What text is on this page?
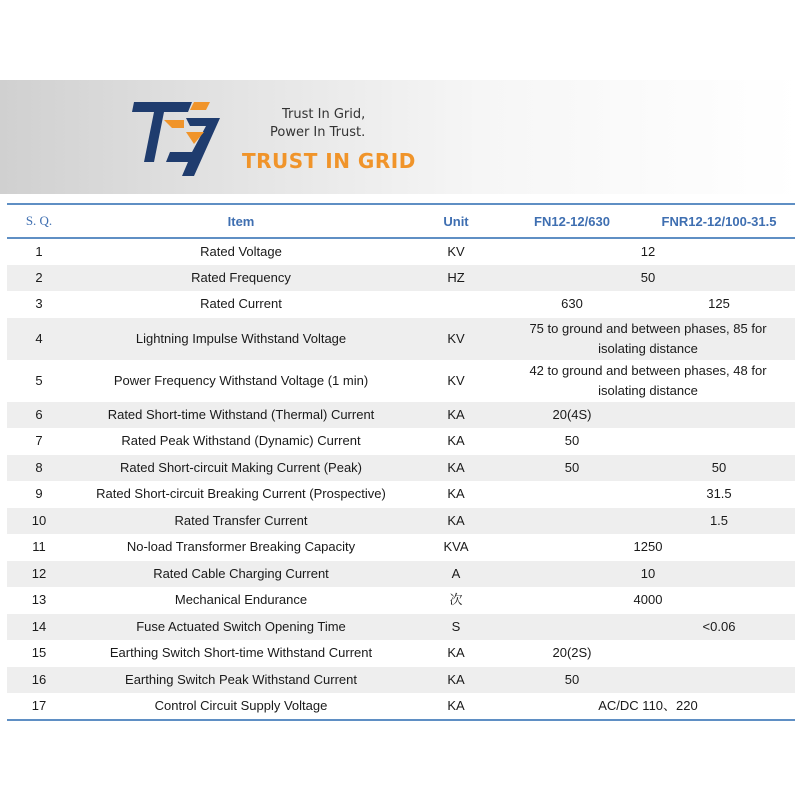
Trust In Grid,
Power In Trust.
TRUST IN GRID
S. Q.	Item	Unit	FN12-12/630	FNR12-12/100-31.5
1	Rated Voltage	KV	12	
2	Rated Frequency	HZ	50	
3	Rated Current		630	125
4	Lightning Impulse Withstand Voltage	KV	75 to ground and between phases, 85 for isolating distance	
5	Power Frequency Withstand Voltage (1 min)	KV	42 to ground and between phases, 48 for isolating distance	
6	Rated Short-time Withstand (Thermal) Current	KA	20(4S)	
7	Rated Peak Withstand (Dynamic) Current	KA	50	
8	Rated Short-circuit Making Current (Peak)	KA	50	50
9	Rated Short-circuit Breaking Current (Prospective)	KA		31.5
10	Rated Transfer Current	KA		1.5
11	No-load Transformer Breaking Capacity	KVA	1250	
12	Rated Cable Charging Current	A	10	
13	Mechanical Endurance	次	4000	
14	Fuse Actuated Switch Opening Time	S		<0.06
15	Earthing Switch Short-time Withstand Current	KA	20(2S)	
16	Earthing Switch Peak Withstand Current	KA	50	
17	Control Circuit Supply Voltage	KA	AC/DC 110、220	
